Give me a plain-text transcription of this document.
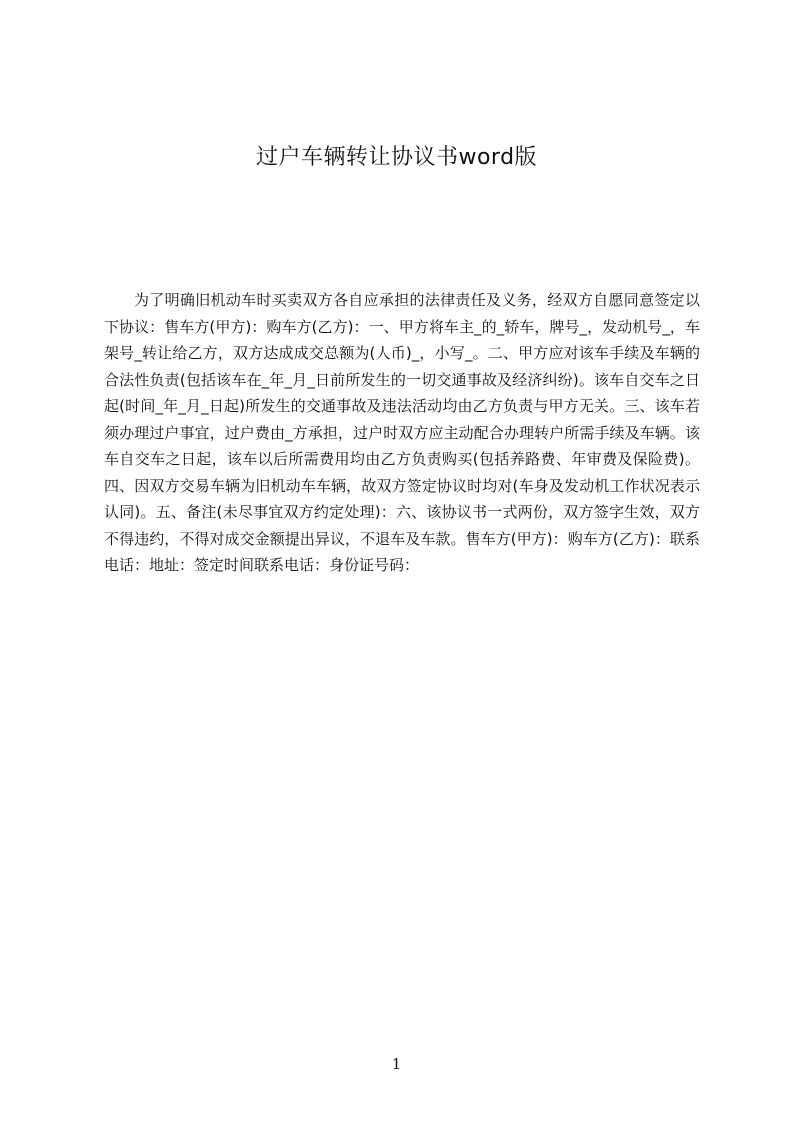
过户车辆转让协议书word版

为了明确旧机动车时买卖双方各自应承担的法律责任及义务，经双方自愿同意签定以下协议：售车方(甲方)：购车方(乙方)：一、甲方将车主_的_轿车，牌号_，发动机号_，车架号_转让给乙方，双方达成成交总额为(人币)_，小写_。二、甲方应对该车手续及车辆的合法性负责(包括该车在_年_月_日前所发生的一切交通事故及经济纠纷)。该车自交车之日起(时间_年_月_日起)所发生的交通事故及违法活动均由乙方负责与甲方无关。三、该车若须办理过户事宜，过户费由_方承担，过户时双方应主动配合办理转户所需手续及车辆。该车自交车之日起，该车以后所需费用均由乙方负责购买(包括养路费、年审费及保险费)。四、因双方交易车辆为旧机动车车辆，故双方签定协议时均对(车身及发动机工作状况表示认同)。五、备注(未尽事宜双方约定处理)：六、该协议书一式两份，双方签字生效，双方不得违约，不得对成交金额提出异议，不退车及车款。售车方(甲方)：购车方(乙方)：联系电话：地址：签定时间联系电话：身份证号码：

1
